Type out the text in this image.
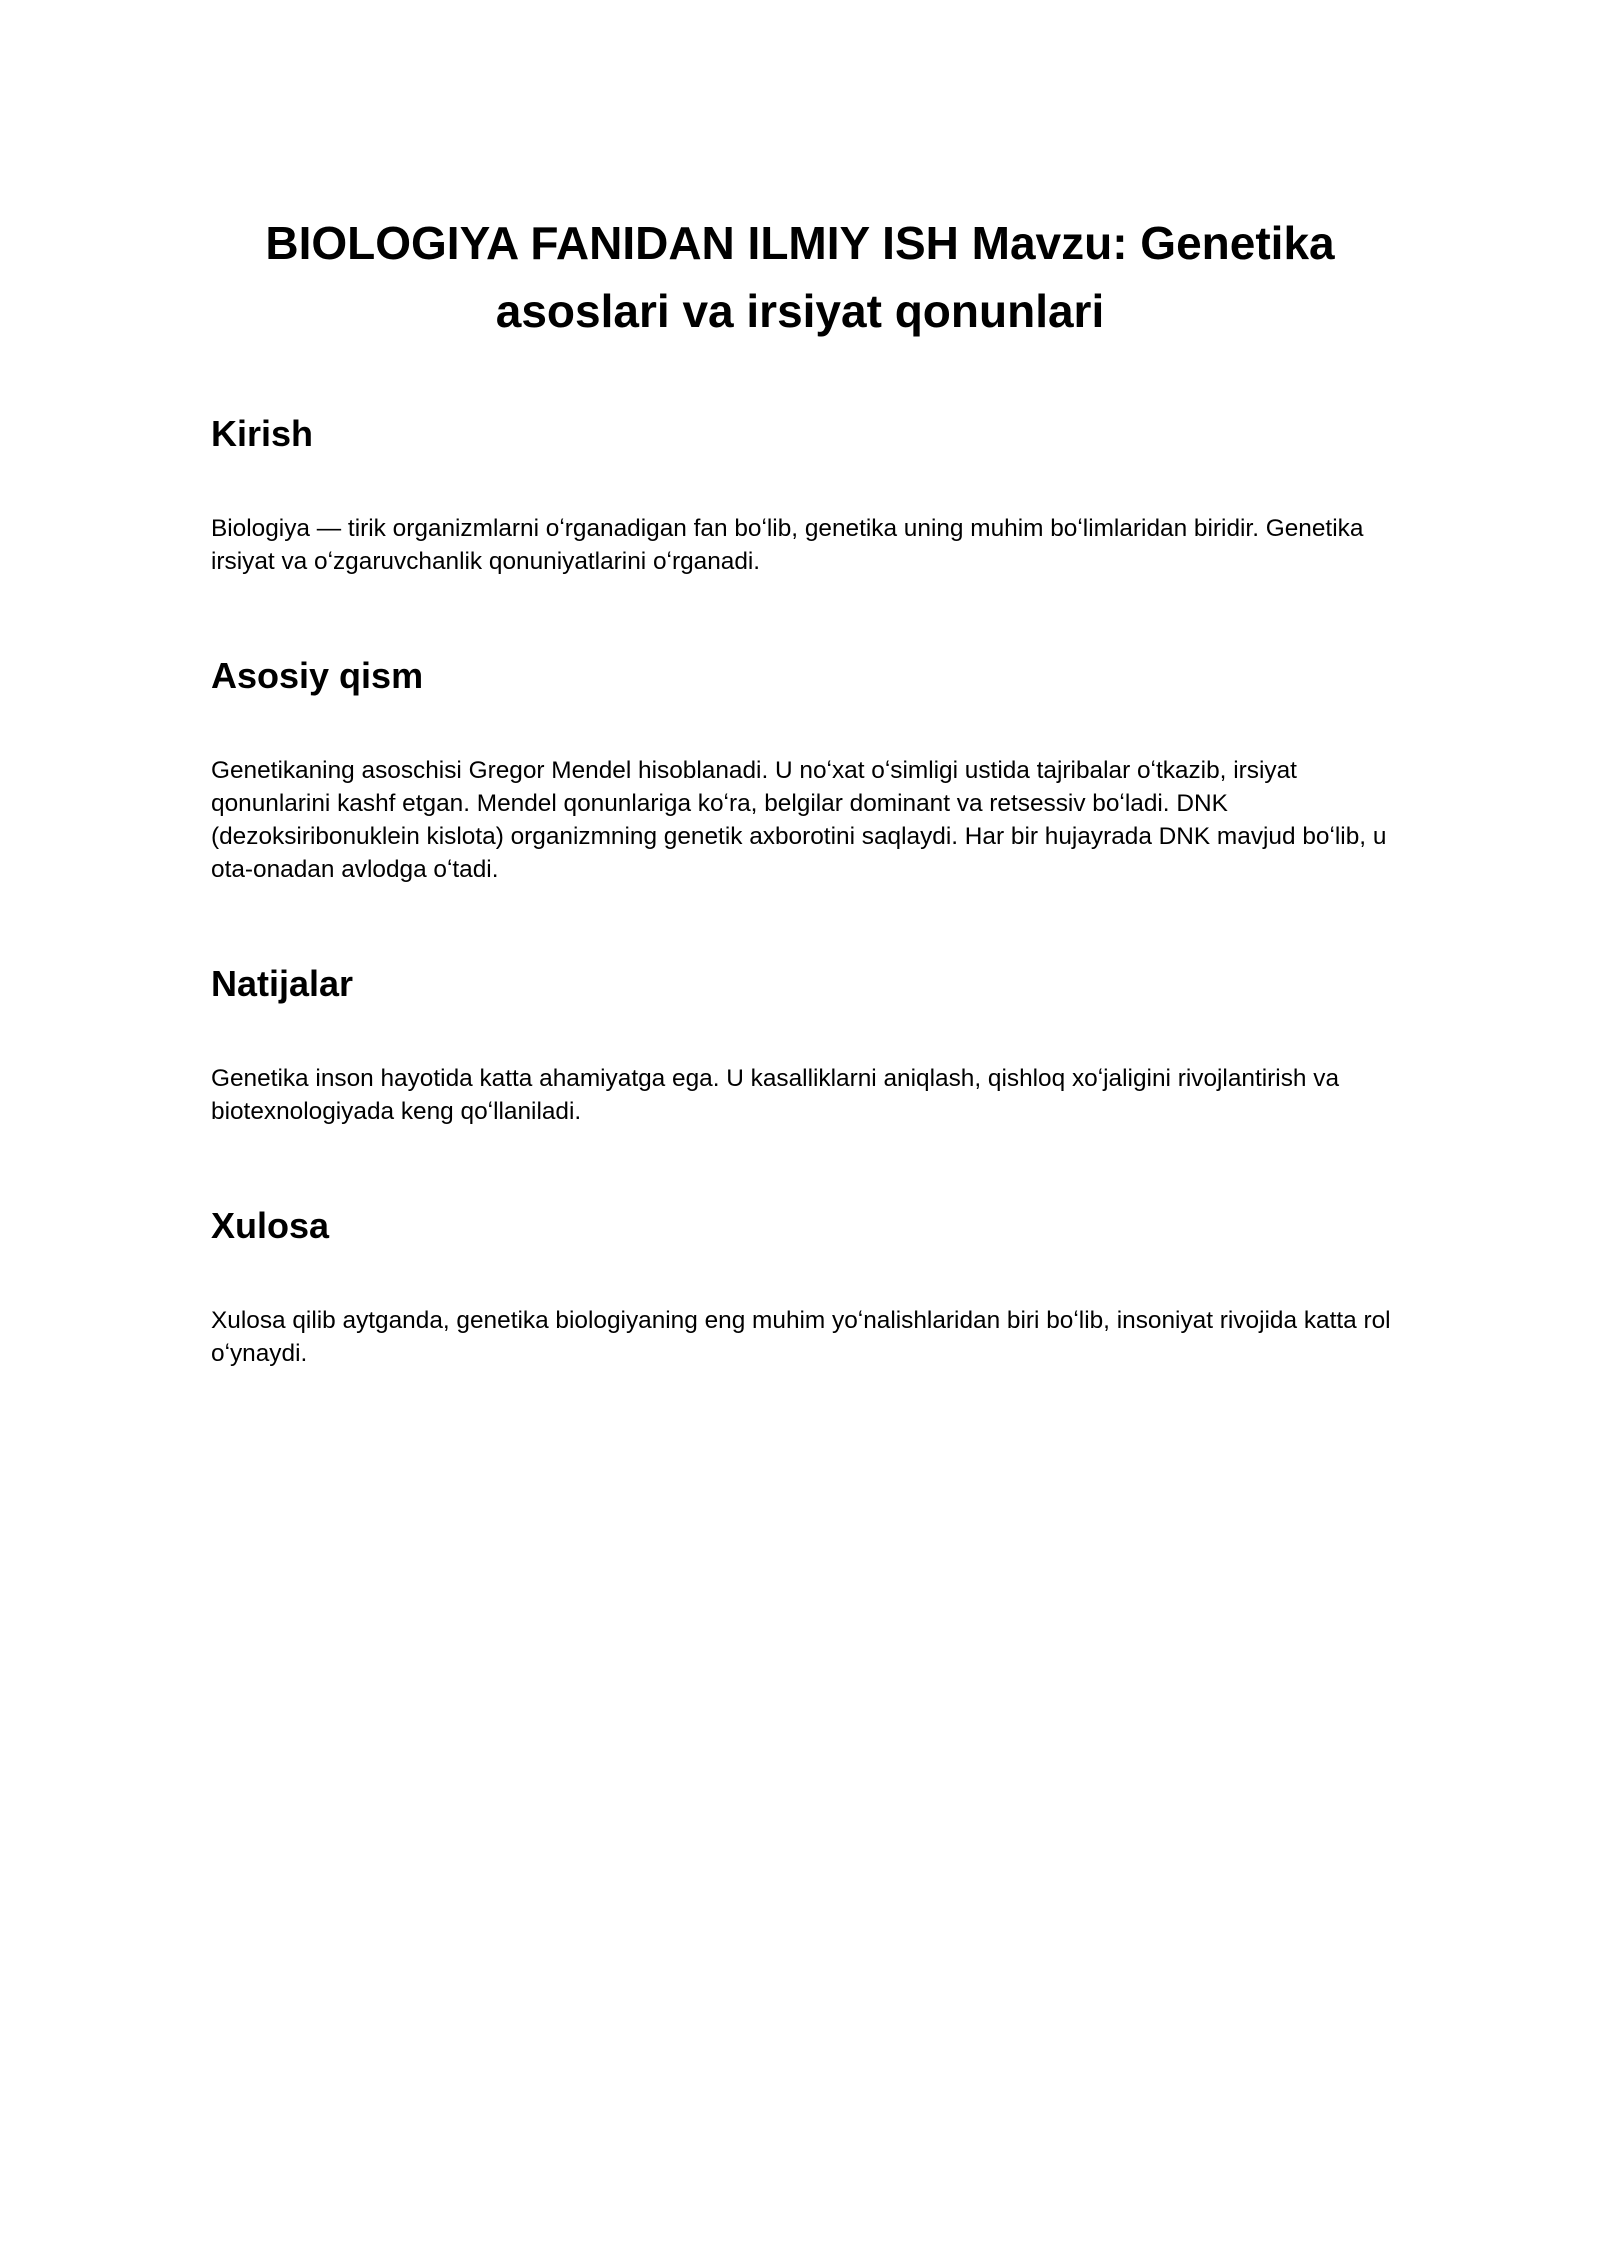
BIOLOGIYA FANIDAN ILMIY ISH Mavzu: Genetika asoslari va irsiyat qonunlari
Kirish

Biologiya — tirik organizmlarni oʻrganadigan fan boʻlib, genetika uning muhim boʻlimlaridan biridir. Genetika irsiyat va oʻzgaruvchanlik qonuniyatlarini oʻrganadi.

Asosiy qism

Genetikaning asoschisi Gregor Mendel hisoblanadi. U noʻxat oʻsimligi ustida tajribalar oʻtkazib, irsiyat qonunlarini kashf etgan. Mendel qonunlariga koʻra, belgilar dominant va retsessiv boʻladi. DNK (dezoksiribonuklein kislota) organizmning genetik axborotini saqlaydi. Har bir hujayrada DNK mavjud boʻlib, u ota-onadan avlodga oʻtadi.

Natijalar

Genetika inson hayotida katta ahamiyatga ega. U kasalliklarni aniqlash, qishloq xoʻjaligini rivojlantirish va biotexnologiyada keng qoʻllaniladi.

Xulosa

Xulosa qilib aytganda, genetika biologiyaning eng muhim yoʻnalishlaridan biri boʻlib, insoniyat rivojida katta rol oʻynaydi.
